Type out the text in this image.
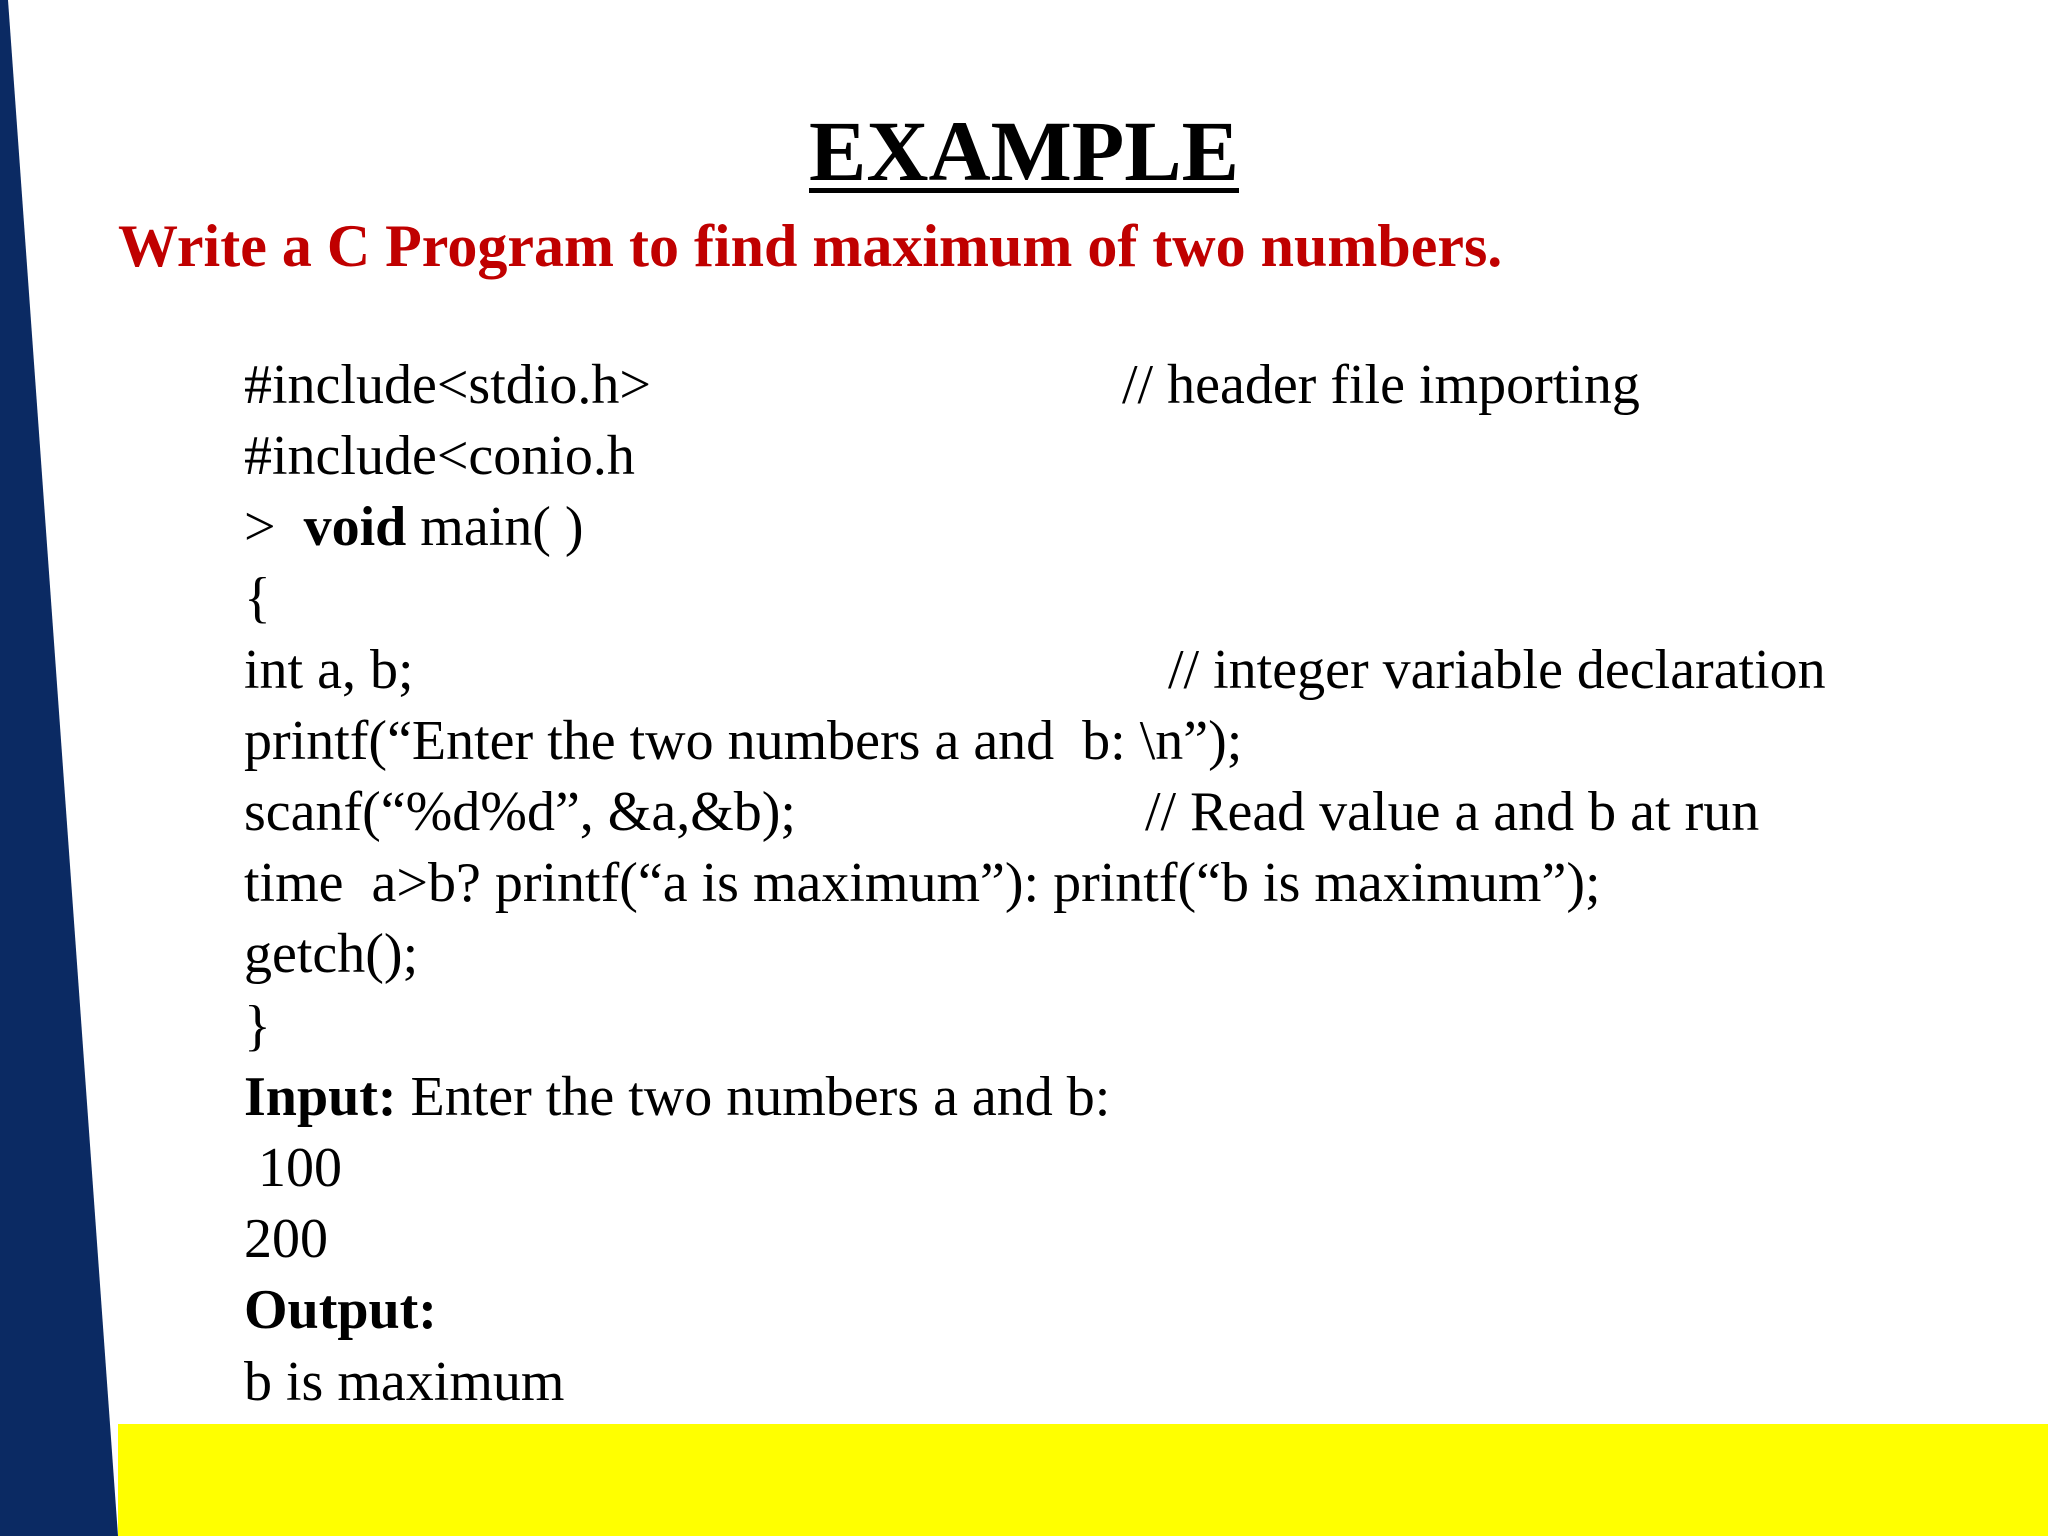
EXAMPLE
Write a C Program to find maximum of two numbers.
#include<stdio.h>	// header file importing
#include<conio.h
>  void main( )
{
int a, b;	// integer variable declaration
printf(“Enter the two numbers a and  b: \n”);
scanf(“%d%d”, &a,&b);	// Read value a and b at run
time  a>b? printf(“a is maximum”): printf(“b is maximum”);
getch();
}
Input: Enter the two numbers a and b:
100
200
Output:
b is maximum
